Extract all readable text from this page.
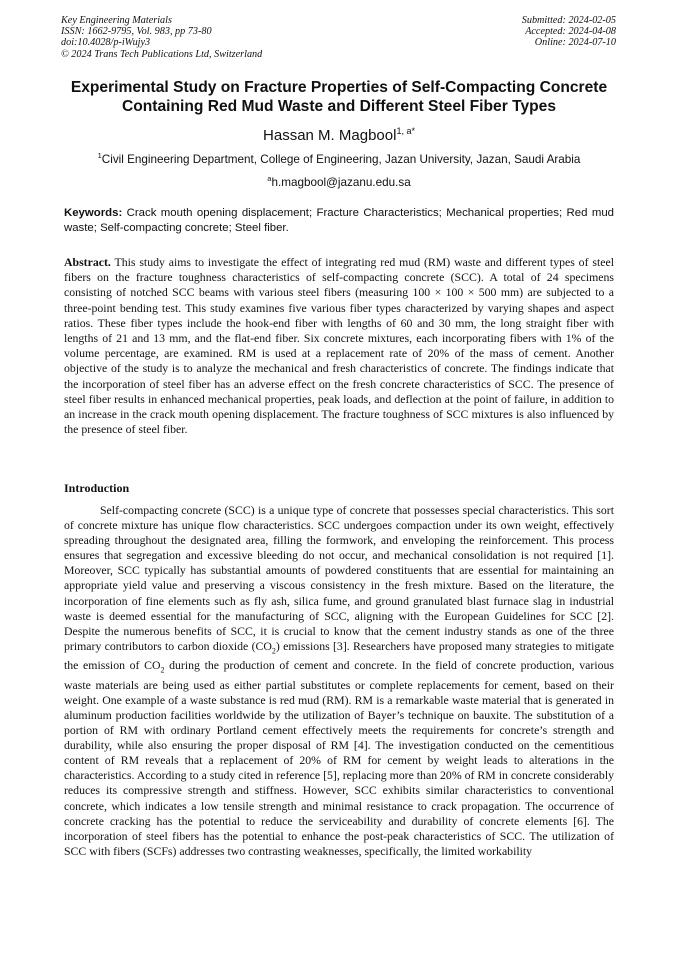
Key Engineering Materials
ISSN: 1662-9795, Vol. 983, pp 73-80
doi:10.4028/p-iWujy3
© 2024 Trans Tech Publications Ltd, Switzerland
Submitted: 2024-02-05
Accepted: 2024-04-08
Online: 2024-07-10
Experimental Study on Fracture Properties of Self-Compacting Concrete
Containing Red Mud Waste and Different Steel Fiber Types
Hassan M. Magbool$^{1, a*}$
$^1$Civil Engineering Department, College of Engineering, Jazan University, Jazan, Saudi Arabia
$^a$h.magbool@jazanu.edu.sa
Keywords: Crack mouth opening displacement; Fracture Characteristics; Mechanical properties; Red mud waste; Self-compacting concrete; Steel fiber.
Abstract. This study aims to investigate the effect of integrating red mud (RM) waste and different types of steel fibers on the fracture toughness characteristics of self-compacting concrete (SCC). A total of 24 specimens consisting of notched SCC beams with various steel fibers (measuring 100 × 100 × 500 mm) are subjected to a three-point bending test. This study examines five various fiber types characterized by varying shapes and aspect ratios. These fiber types include the hook-end fiber with lengths of 60 and 30 mm, the long straight fiber with lengths of 21 and 13 mm, and the flat-end fiber. Six concrete mixtures, each incorporating fibers with 1% of the volume percentage, are examined. RM is used at a replacement rate of 20% of the mass of cement. Another objective of the study is to analyze the mechanical and fresh characteristics of concrete. The findings indicate that the incorporation of steel fiber has an adverse effect on the fresh concrete characteristics of SCC. The presence of steel fiber results in enhanced mechanical properties, peak loads, and deflection at the point of failure, in addition to an increase in the crack mouth opening displacement. The fracture toughness of SCC mixtures is also influenced by the presence of steel fiber.
Introduction

Self-compacting concrete (SCC) is a unique type of concrete that possesses special characteristics. This sort of concrete mixture has unique flow characteristics. SCC undergoes compaction under its own weight, effectively spreading throughout the designated area, filling the formwork, and enveloping the reinforcement. This process ensures that segregation and excessive bleeding do not occur, and mechanical consolidation is not required [1]. Moreover, SCC typically has substantial amounts of powdered constituents that are essential for maintaining an appropriate yield value and preserving a viscous consistency in the fresh mixture. Based on the literature, the incorporation of fine elements such as fly ash, silica fume, and ground granulated blast furnace slag in industrial waste is deemed essential for the manufacturing of SCC, aligning with the European Guidelines for SCC [2]. Despite the numerous benefits of SCC, it is crucial to know that the cement industry stands as one of the three primary contributors to carbon dioxide $(CO_2)$ emissions [3]. Researchers have proposed many strategies to mitigate the emission of $CO_2$ during the production of cement and concrete. In the field of concrete production, various waste materials are being used as either partial substitutes or complete replacements for cement, based on their weight. One example of a waste substance is red mud (RM). RM is a remarkable waste material that is generated in aluminum production facilities worldwide by the utilization of Bayer’s technique on bauxite. The substitution of a portion of RM with ordinary Portland cement effectively meets the requirements for concrete’s strength and durability, while also ensuring the proper disposal of RM [4]. The investigation conducted on the cementitious content of RM reveals that a replacement of 20% of RM for cement by weight leads to alterations in the characteristics. According to a study cited in reference [5], replacing more than 20% of RM in concrete considerably reduces its compressive strength and stiffness. However, SCC exhibits similar characteristics to conventional concrete, which indicates a low tensile strength and minimal resistance to crack propagation. The occurrence of concrete cracking has the potential to reduce the serviceability and durability of concrete elements [6]. The incorporation of steel fibers has the potential to enhance the post-peak characteristics of SCC. The utilization of SCC with fibers (SCFs) addresses two contrasting weaknesses, specifically, the limited workability
